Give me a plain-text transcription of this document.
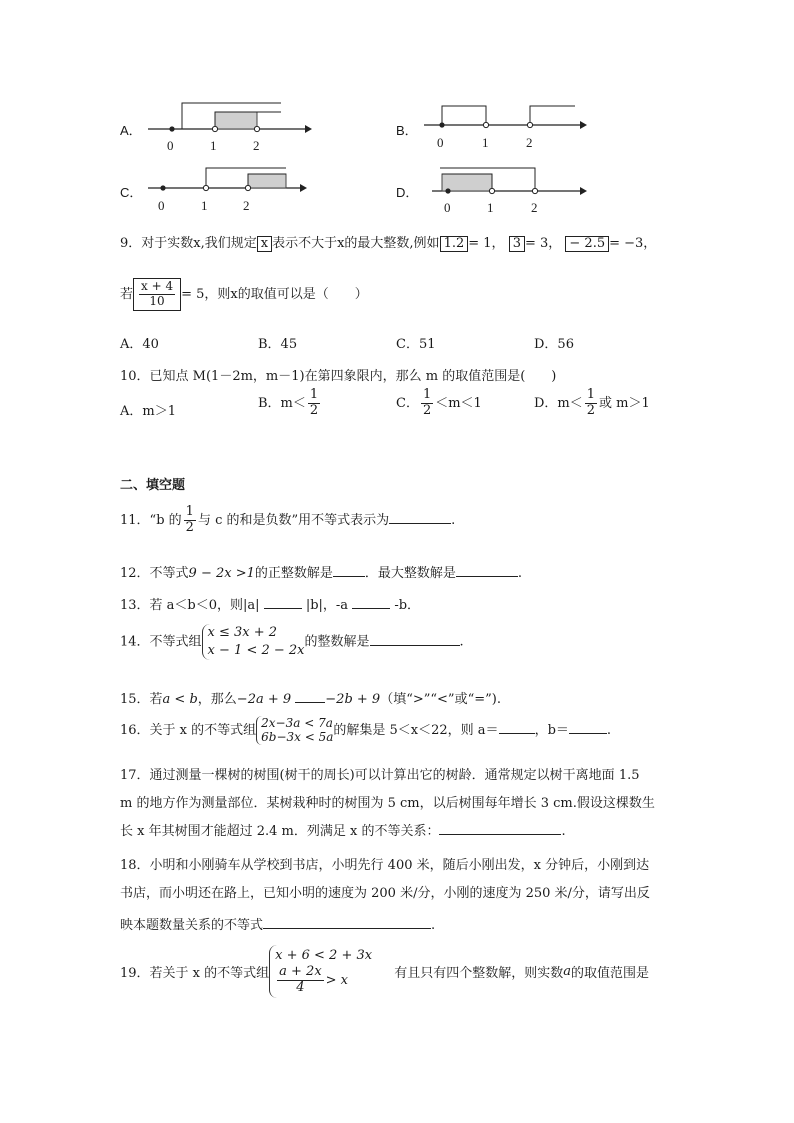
A．
0	1	2
B．
0	1	2
C．
0	1	2
D．
0	1	2
9．对于实数x,我们规定 x 表示不大于x的最大整数,例如 1.2 = 1， 3 = 3， − 2.5 = −3，
若 $\frac{x + 4}{10} = 5$，则x的取值可以是（　　）
A．40	B．45	C．51	D．56
10．已知点 M(1－2m，m－1)在第四象限内，那么 m 的取值范围是(　　)
A．m＞1
B．$m< \frac{1}{2}$	C． $\frac{1}{2} <m<1$	D．$m< \frac{1}{2}$ 或 m＞1
二、填空题
11．“b 的 $\frac{1}{2}$ 与 c 的和是负数”用不等式表示为	.
12．不等式9 − 2x >1的正整数解是 ．最大整数解是	.
13．若 a＜b＜0，则|a|	|b|，-a	-b．
14．不等式组
x ≤ 3x + 2
x − 1 < 2 − 2x
的整数解是	.
15．若a < b，那么−2a + 9	−2b + 9（填“>”“<”或“=”).
16．关于 x 的不等式组 2x−3a < 7a
6b−3x < 5a 的解集是 5＜x＜22，则 a＝	，b＝	.
17．通过测量一棵树的树围(树干的周长)可以计算出它的树龄．通常规定以树干离地面 1.5
m 的地方作为测量部位．某树栽种时的树围为 5 cm，以后树围每年增长 3 cm.假设这棵数生
长 x 年其树围才能超过 2.4 m．列满足 x 的不等关系：	.
18．小明和小刚骑车从学校到书店，小明先行 400 米，随后小刚出发，x 分钟后，小刚到达
书店，而小明还在路上，已知小明的速度为 200 米/分，小刚的速度为 250 米/分，请写出反
映本题数量关系的不等式	.
19．若关于 x 的不等式组
x + 6 < 2 + 3x
$\frac{a + 2x}{4} > x$	有且只有四个整数解，则实数a的取值范围是
